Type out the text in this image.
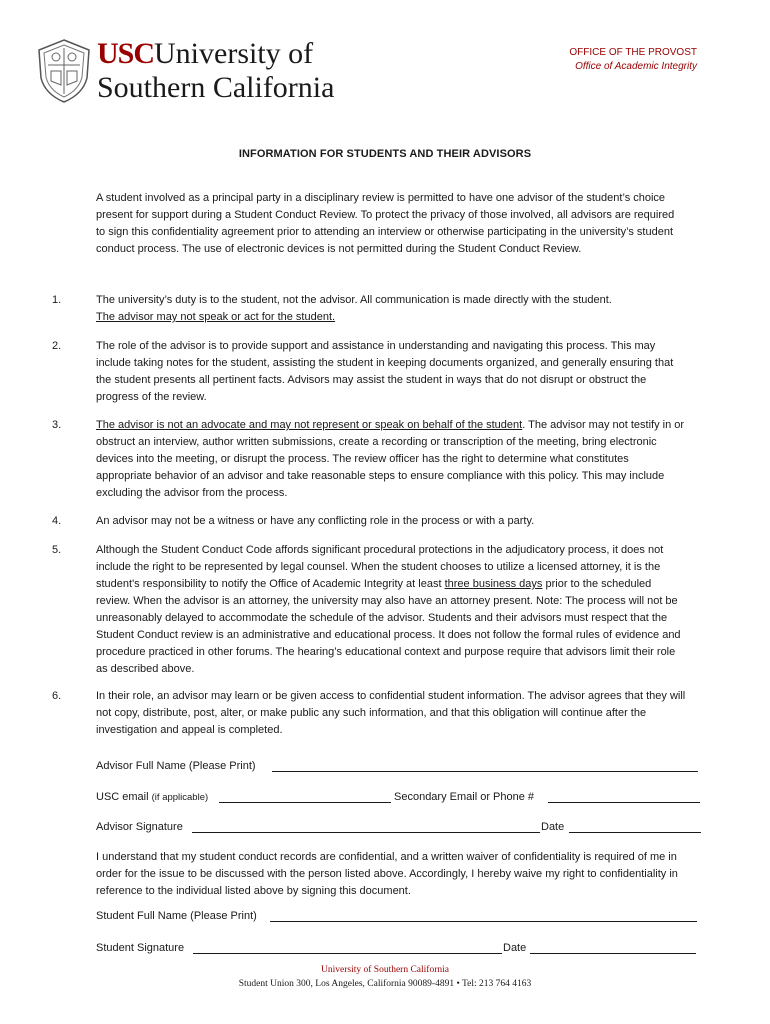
USCUniversity of
Southern California
OFFICE OF THE PROVOST
Office of Academic Integrity
INFORMATION FOR STUDENTS AND THEIR ADVISORS
A student involved as a principal party in a disciplinary review is permitted to have one advisor of the student’s choice present for support during a Student Conduct Review. To protect the privacy of those involved, all advisors are required to sign this confidentiality agreement prior to attending an interview or otherwise participating in the university’s student conduct process. The use of electronic devices is not permitted during the Student Conduct Review.
1.	The university’s duty is to the student, not the advisor. All communication is made directly with the student.
The advisor may not speak or act for the student.
2.	The role of the advisor is to provide support and assistance in understanding and navigating this process. This may include taking notes for the student, assisting the student in keeping documents organized, and generally ensuring that the student presents all pertinent facts. Advisors may assist the student in ways that do not disrupt or obstruct the progress of the review.
3.	The advisor is not an advocate and may not represent or speak on behalf of the student. The advisor may not testify in or obstruct an interview, author written submissions, create a recording or transcription of the meeting, bring electronic devices into the meeting, or disrupt the process. The review officer has the right to determine what constitutes appropriate behavior of an advisor and take reasonable steps to ensure compliance with this policy. This may include excluding the advisor from the process.
4.	An advisor may not be a witness or have any conflicting role in the process or with a party.
5.	Although the Student Conduct Code affords significant procedural protections in the adjudicatory process, it does not include the right to be represented by legal counsel. When the student chooses to utilize a licensed attorney, it is the student's responsibility to notify the Office of Academic Integrity at least three business days prior to the scheduled review. When the advisor is an attorney, the university may also have an attorney present. Note: The process will not be unreasonably delayed to accommodate the schedule of the advisor. Students and their advisors must respect that the Student Conduct review is an administrative and educational process. It does not follow the formal rules of evidence and procedure practiced in other forums. The hearing’s educational context and purpose require that advisors limit their role as described above.
6.	In their role, an advisor may learn or be given access to confidential student information. The advisor agrees that they will not copy, distribute, post, alter, or make public any such information, and that this obligation will continue after the investigation and appeal is completed.
Advisor Full Name (Please Print)
USC email (if applicable)	Secondary Email or Phone #
Advisor Signature	Date
I understand that my student conduct records are confidential, and a written waiver of confidentiality is required of me in order for the issue to be discussed with the person listed above. Accordingly, I hereby waive my right to confidentiality in reference to the individual listed above by signing this document.
Student Full Name (Please Print)
Student Signature	Date
University of Southern California
Student Union 300, Los Angeles, California 90089-4891 • Tel: 213 764 4163
